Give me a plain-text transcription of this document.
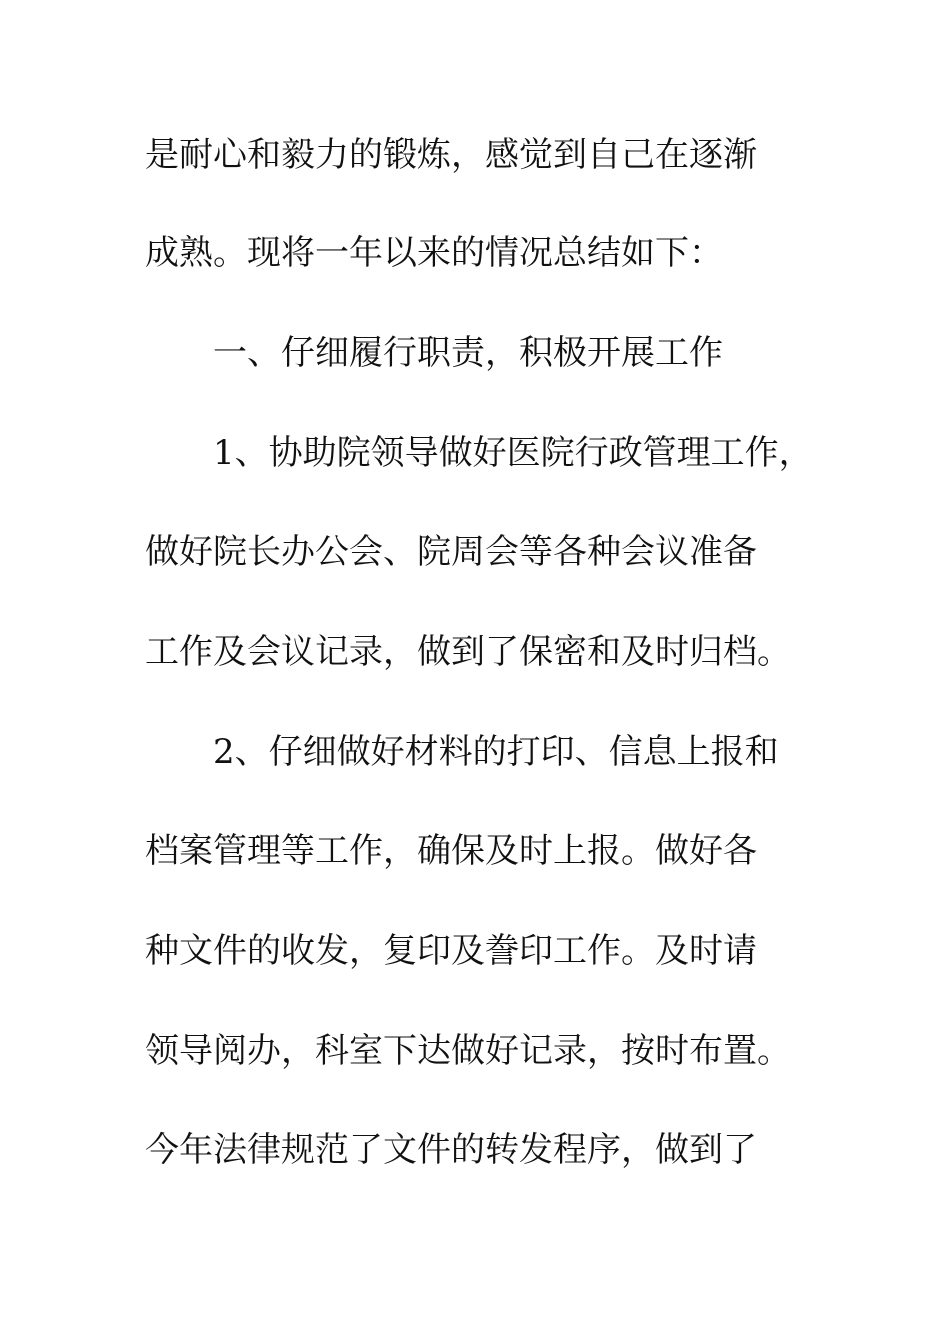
是耐心和毅力的锻炼，感觉到自己在逐渐
成熟。现将一年以来的情况总结如下：
一、仔细履行职责，积极开展工作
1、协助院领导做好医院行政管理工作，
做好院长办公会、院周会等各种会议准备
工作及会议记录，做到了保密和及时归档。
2、仔细做好材料的打印、信息上报和
档案管理等工作，确保及时上报。做好各
种文件的收发，复印及誊印工作。及时请
领导阅办，科室下达做好记录，按时布置。
今年法律规范了文件的转发程序，做到了
